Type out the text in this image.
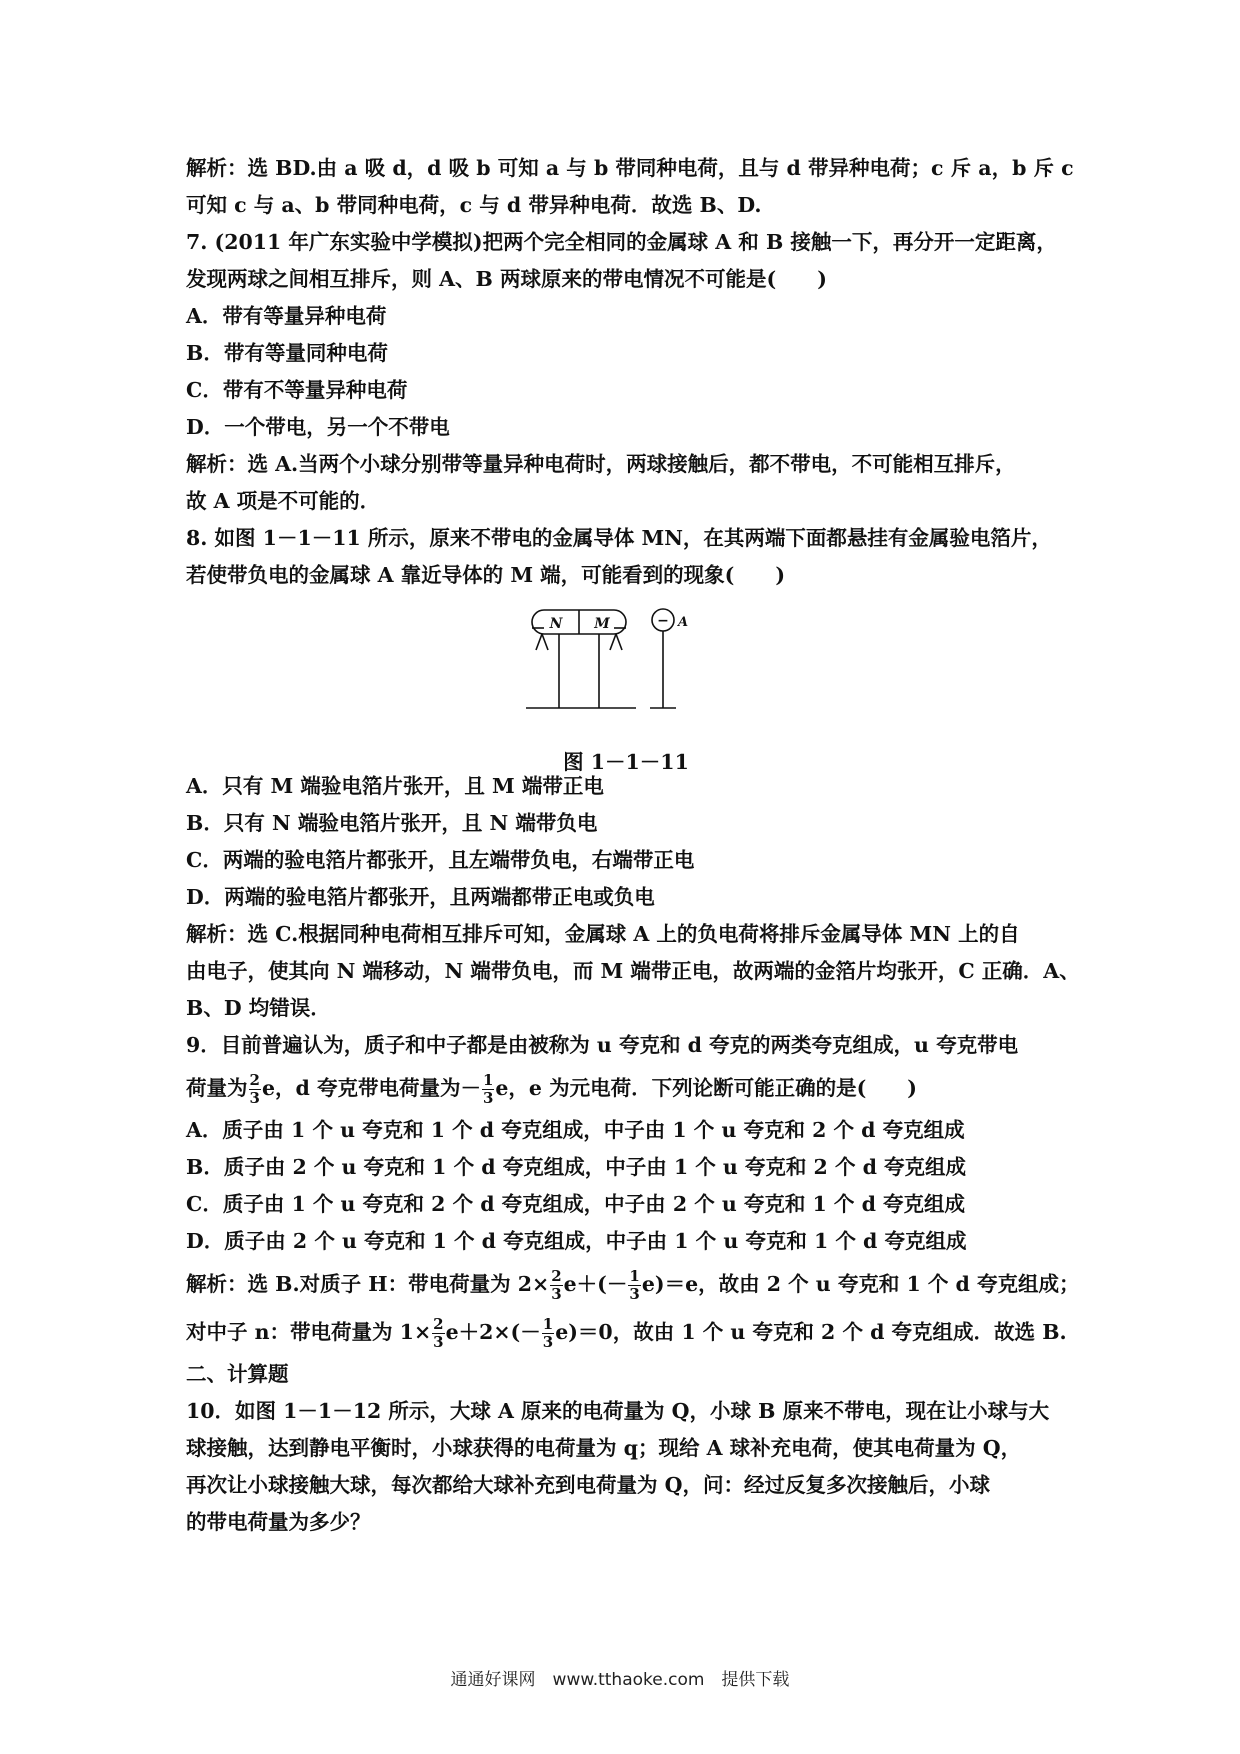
解析：选 BD.由 a 吸 d，d 吸 b 可知 a 与 b 带同种电荷，且与 d 带异种电荷；c 斥 a，b 斥 c
可知 c 与 a、b 带同种电荷，c 与 d 带异种电荷．故选 B、D.
7. (2011 年广东实验中学模拟)把两个完全相同的金属球 A 和 B 接触一下，再分开一定距离，
发现两球之间相互排斥，则 A、B 两球原来的带电情况不可能是(　　)
A．带有等量异种电荷
B．带有等量同种电荷
C．带有不等量异种电荷
D．一个带电，另一个不带电
解析：选 A.当两个小球分别带等量异种电荷时，两球接触后，都不带电，不可能相互排斥，
故 A 项是不可能的．
8. 如图 1－1－11 所示，原来不带电的金属导体 MN，在其两端下面都悬挂有金属验电箔片，
若使带负电的金属球 A 靠近导体的 M 端，可能看到的现象(　　)
N M	− A
图 1－1－11
A．只有 M 端验电箔片张开，且 M 端带正电
B．只有 N 端验电箔片张开，且 N 端带负电
C．两端的验电箔片都张开，且左端带负电，右端带正电
D．两端的验电箔片都张开，且两端都带正电或负电
解析：选 C.根据同种电荷相互排斥可知，金属球 A 上的负电荷将排斥金属导体 MN 上的自
由电子，使其向 N 端移动，N 端带负电，而 M 端带正电，故两端的金箔片均张开，C 正确．A、
B、D 均错误．
9．目前普遍认为，质子和中子都是由被称为 u 夸克和 d 夸克的两类夸克组成，u 夸克带电
荷量为 $\frac{2}{3}$ e，d 夸克带电荷量为－ $\frac{1}{3}$ e，e 为元电荷．下列论断可能正确的是(　　)
A．质子由 1 个 u 夸克和 1 个 d 夸克组成，中子由 1 个 u 夸克和 2 个 d 夸克组成
B．质子由 2 个 u 夸克和 1 个 d 夸克组成，中子由 1 个 u 夸克和 2 个 d 夸克组成
C．质子由 1 个 u 夸克和 2 个 d 夸克组成，中子由 2 个 u 夸克和 1 个 d 夸克组成
D．质子由 2 个 u 夸克和 1 个 d 夸克组成，中子由 1 个 u 夸克和 1 个 d 夸克组成
解析：选 B.对质子 H：带电荷量为 $2\times \frac{2}{3} e+(- \frac{1}{3} e)=e$，故由 2 个 u 夸克和 1 个 d 夸克组成；
对中子 n：带电荷量为 $1\times \frac{2}{3} e+2\times(- \frac{1}{3} e)=0$，故由 1 个 u 夸克和 2 个 d 夸克组成．故选 B.
二、计算题
10．如图 1－1－12 所示，大球 A 原来的电荷量为 Q，小球 B 原来不带电，现在让小球与大
球接触，达到静电平衡时，小球获得的电荷量为 q；现给 A 球补充电荷，使其电荷量为 Q，
再次让小球接触大球，每次都给大球补充到电荷量为 Q，问：经过反复多次接触后，小球
的带电荷量为多少？
通通好课网　www.tthaoke.com　提供下载
